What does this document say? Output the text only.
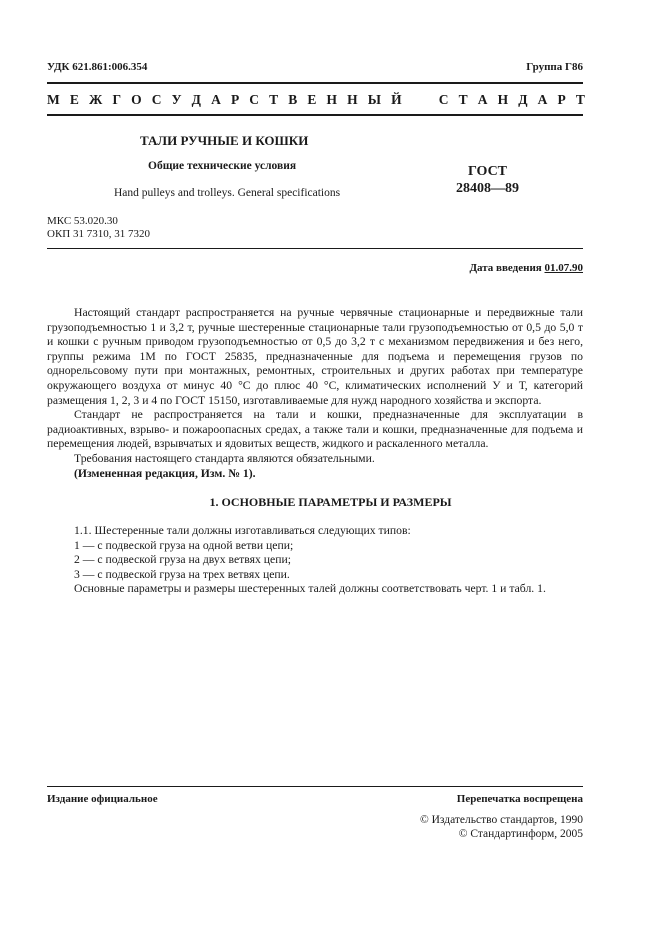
УДК 621.861:006.354	Группа Г86
М Е Ж Г О С У Д А Р С Т В Е Н Н Ы Й

	С Т А Н Д А Р Т
ТАЛИ РУЧНЫЕ И КОШКИ
Общие технические условия
Hand pulleys and trolleys. General specifications
ГОСТ
28408—89
МКС 53.020.30
ОКП 31 7310, 31 7320
Дата введения 01.07.90

Настоящий стандарт распространяется на ручные червячные стационарные и передвижные тали грузоподъемностью 1 и 3,2 т, ручные шестеренные стационарные тали грузоподъемностью от 0,5 до 5,0 т и кошки с ручным приводом грузоподъемностью от 0,5 до 3,2 т с механизмом передвижения и без него, группы режима 1М по ГОСТ 25835, предназначенные для подъема и перемещения грузов по однорельсовому пути при монтажных, ремонтных, строительных и других работах при температуре окружающего воздуха от минус 40 °С до плюс 40 °С, климатических исполнений У и Т, категорий размещения 1, 2, 3 и 4 по ГОСТ 15150, изготавливаемые для нужд народного хозяйства и экспорта.

Стандарт не распространяется на тали и кошки, предназначенные для эксплуатации в радиоактивных, взрыво- и пожароопасных средах, а также тали и кошки, предназначенные для подъема и перемещения людей, взрывчатых и ядовитых веществ, жидкого и раскаленного металла.

Требования настоящего стандарта являются обязательными.

(Измененная редакция, Изм. № 1).

1. ОСНОВНЫЕ ПАРАМЕТРЫ И РАЗМЕРЫ

1.1. Шестеренные тали должны изготавливаться следующих типов:

1 — с подвеской груза на одной ветви цепи;

2 — с подвеской груза на двух ветвях цепи;

3 — с подвеской груза на трех ветвях цепи.

Основные параметры и размеры шестеренных талей должны соответствовать черт. 1 и табл. 1.

Издание официальное	Перепечатка воспрещена
© Издательство стандартов, 1990
© Стандартинформ, 2005
